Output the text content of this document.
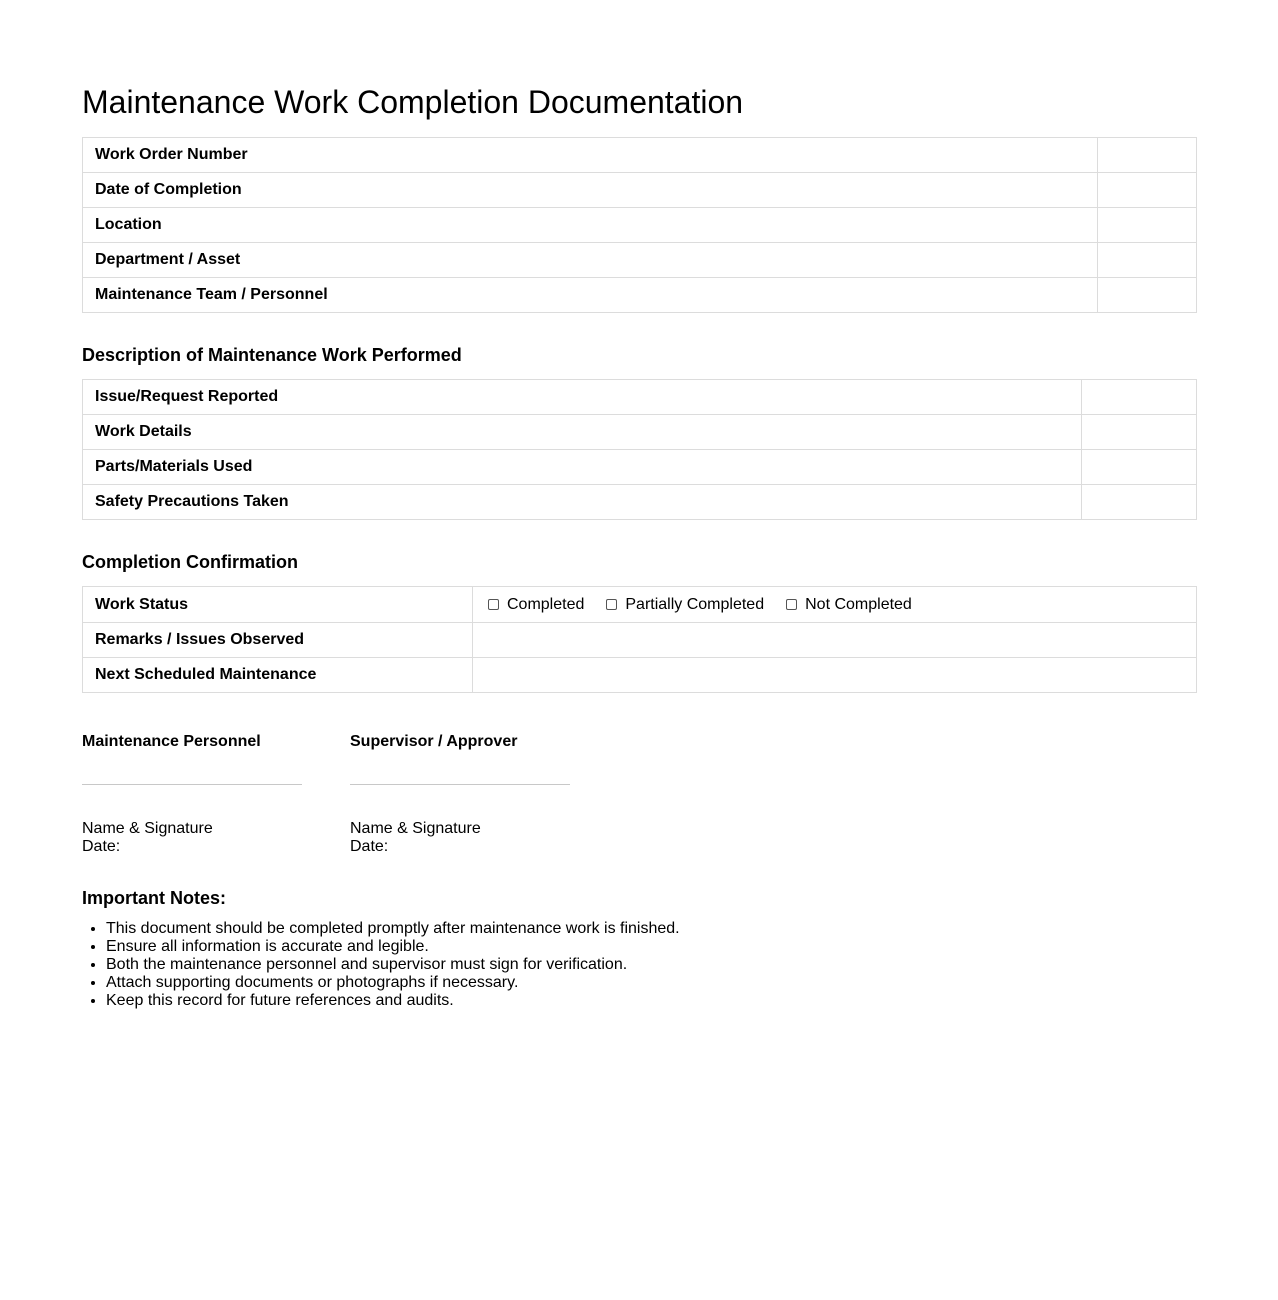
Maintenance Work Completion Documentation
Work Order Number	
Date of Completion	
Location	
Department / Asset	
Maintenance Team / Personnel	
Description of Maintenance Work Performed
Issue/Request Reported	
Work Details	
Parts/Materials Used	
Safety Precautions Taken	
Completion Confirmation
Work Status	Completed Partially Completed Not Completed

Remarks / Issues Observed	
Next Scheduled Maintenance	
Maintenance Personnel
Name & Signature
Date:
Supervisor / Approver
Name & Signature
Date:
Important Notes:
• This document should be completed promptly after maintenance work is finished.
• Ensure all information is accurate and legible.
• Both the maintenance personnel and supervisor must sign for verification.
• Attach supporting documents or photographs if necessary.
• Keep this record for future references and audits.
